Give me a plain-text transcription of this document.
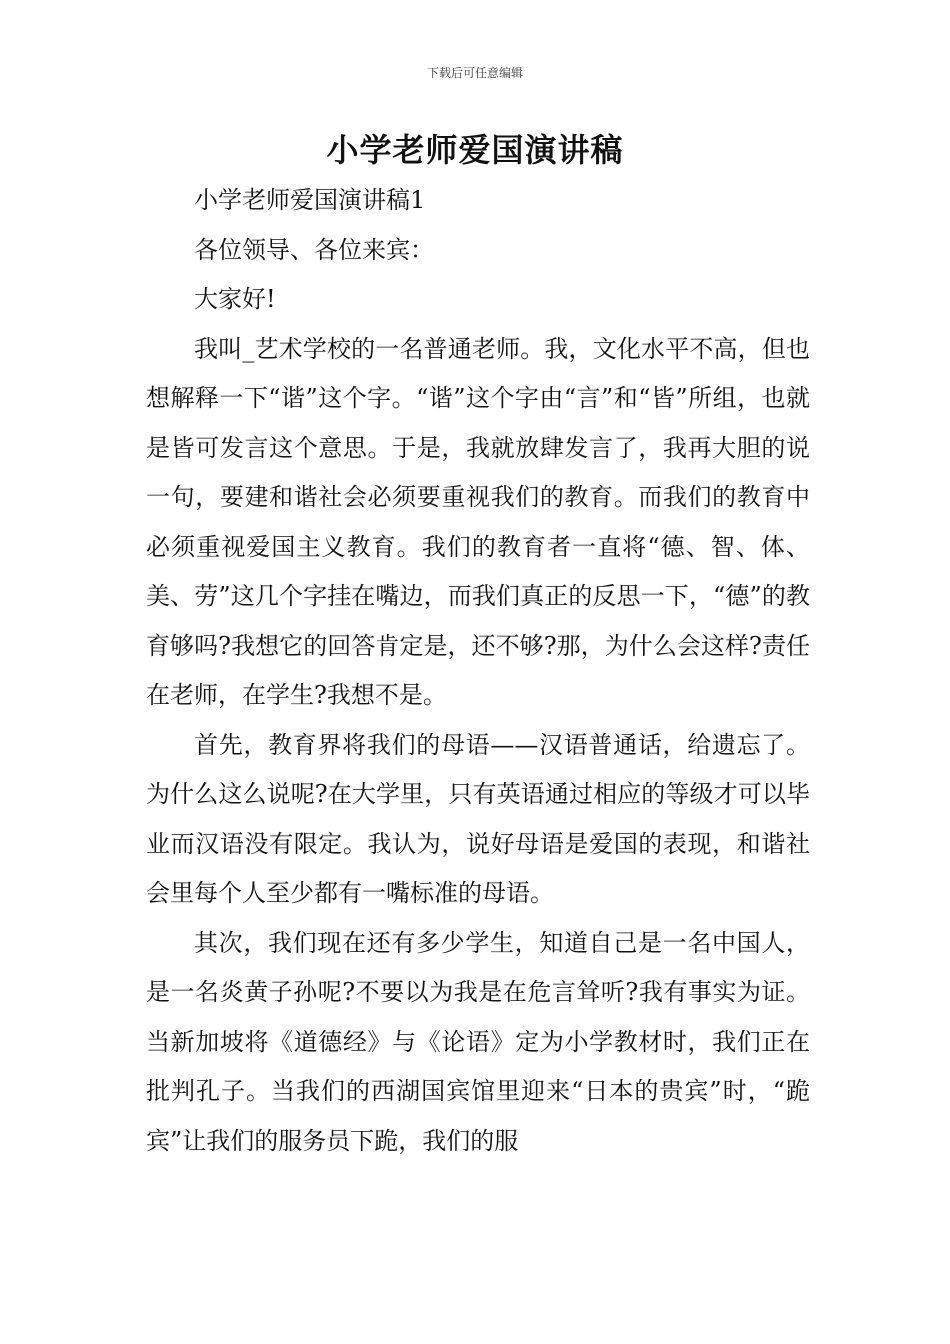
下载后可任意编辑
小学老师爱国演讲稿

小学老师爱国演讲稿1

各位领导、各位来宾：

大家好!

我叫_艺术学校的一名普通老师。我，文化水平不高，但也想解释一下“谐”这个字。“谐”这个字由“言”和“皆”所组，也就是皆可发言这个意思。于是，我就放肆发言了，我再大胆的说一句，要建和谐社会必须要重视我们的教育。而我们的教育中必须重视爱国主义教育。我们的教育者一直将“德、智、体、美、劳”这几个字挂在嘴边，而我们真正的反思一下，“德”的教育够吗?我想它的回答肯定是，还不够?那，为什么会这样?责任在老师，在学生?我想不是。

首先，教育界将我们的母语——汉语普通话，给遗忘了。为什么这么说呢?在大学里，只有英语通过相应的等级才可以毕业而汉语没有限定。我认为，说好母语是爱国的表现，和谐社会里每个人至少都有一嘴标准的母语。

其次，我们现在还有多少学生，知道自己是一名中国人，是一名炎黄子孙呢?不要以为我是在危言耸听?我有事实为证。当新加坡将《道德经》与《论语》定为小学教材时，我们正在批判孔子。当我们的西湖国宾馆里迎来“日本的贵宾”时，“跪宾”让我们的服务员下跪，我们的服
